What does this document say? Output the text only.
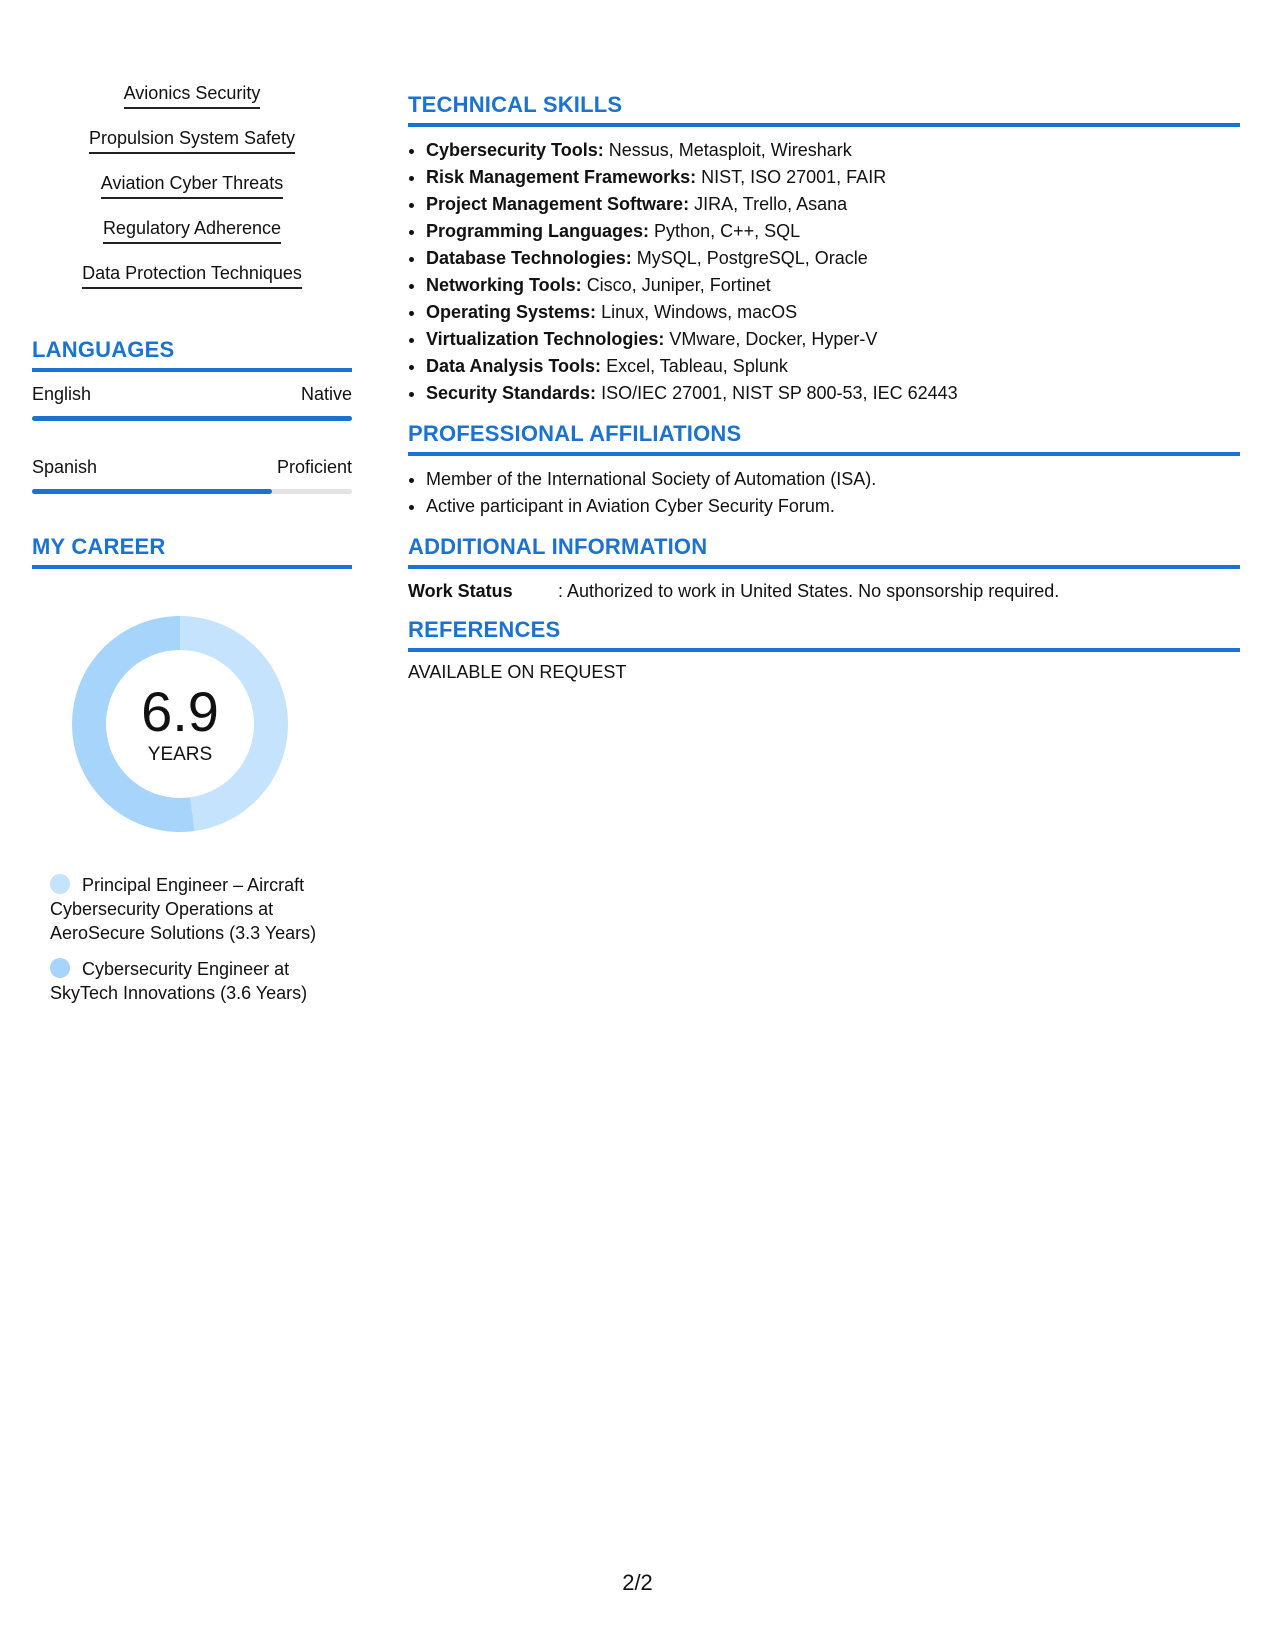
Avionics Security
Propulsion System Safety
Aviation Cyber Threats
Regulatory Adherence
Data Protection Techniques
LANGUAGES
English	Native
Spanish	Proficient
MY CAREER
6.9
YEARS
Principal Engineer – Aircraft Cybersecurity Operations at AeroSecure Solutions (3.3 Years)
Cybersecurity Engineer at SkyTech Innovations (3.6 Years)
TECHNICAL SKILLS
• Cybersecurity Tools: Nessus, Metasploit, Wireshark
• Risk Management Frameworks: NIST, ISO 27001, FAIR
• Project Management Software: JIRA, Trello, Asana
• Programming Languages: Python, C++, SQL
• Database Technologies: MySQL, PostgreSQL, Oracle
• Networking Tools: Cisco, Juniper, Fortinet
• Operating Systems: Linux, Windows, macOS
• Virtualization Technologies: VMware, Docker, Hyper-V
• Data Analysis Tools: Excel, Tableau, Splunk
• Security Standards: ISO/IEC 27001, NIST SP 800-53, IEC 62443
PROFESSIONAL AFFILIATIONS
• Member of the International Society of Automation (ISA).
• Active participant in Aviation Cyber Security Forum.
ADDITIONAL INFORMATION
Work Status	: Authorized to work in United States. No sponsorship required.
REFERENCES
AVAILABLE ON REQUEST
2/2
